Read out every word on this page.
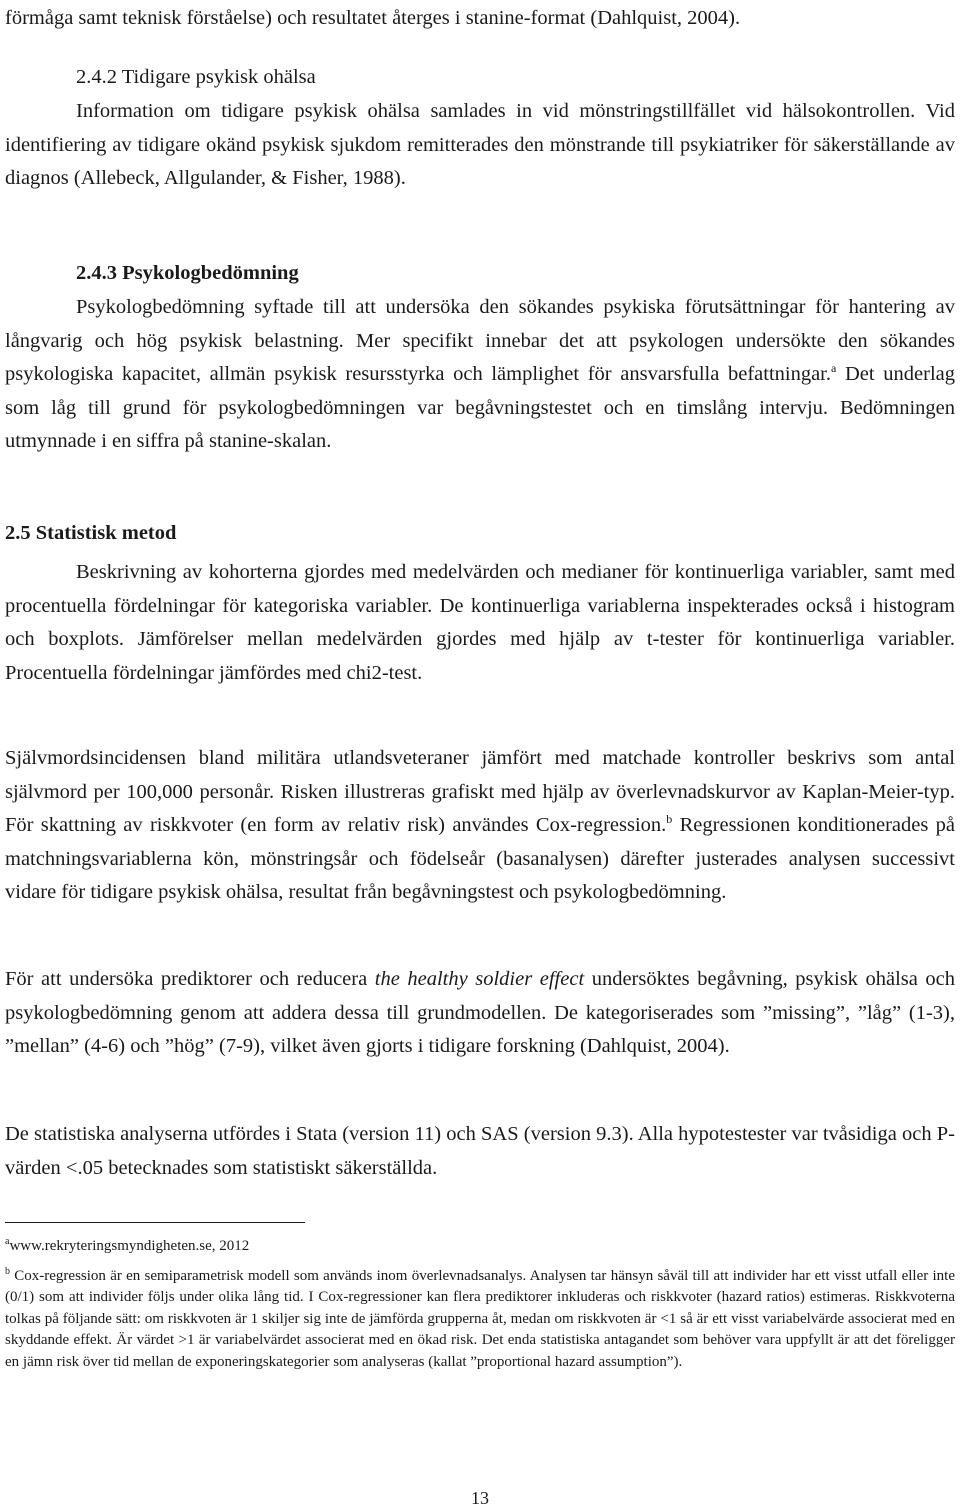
förmåga samt teknisk förståelse) och resultatet återges i stanine-format (Dahlquist, 2004).

2.4.2 Tidigare psykisk ohälsa

Information om tidigare psykisk ohälsa samlades in vid mönstringstillfället vid hälsokontrollen. Vid identifiering av tidigare okänd psykisk sjukdom remitterades den mönstrande till psykiatriker för säkerställande av diagnos (Allebeck, Allgulander, & Fisher, 1988).

2.4.3 Psykologbedömning

Psykologbedömning syftade till att undersöka den sökandes psykiska förutsättningar för hantering av långvarig och hög psykisk belastning. Mer specifikt innebar det att psykologen undersökte den sökandes psykologiska kapacitet, allmän psykisk resursstyrka och lämplighet för ansvarsfulla befattningar.$^a$ Det underlag som låg till grund för psykologbedömningen var begåvningstestet och en timslång intervju. Bedömningen utmynnade i en siffra på stanine-skalan.

2.5 Statistisk metod

Beskrivning av kohorterna gjordes med medelvärden och medianer för kontinuerliga variabler, samt med procentuella fördelningar för kategoriska variabler. De kontinuerliga variablerna inspekterades också i histogram och boxplots. Jämförelser mellan medelvärden gjordes med hjälp av t-tester för kontinuerliga variabler. Procentuella fördelningar jämfördes med chi2-test.

Självmordsincidensen bland militära utlandsveteraner jämfört med matchade kontroller beskrivs som antal självmord per 100,000 personår. Risken illustreras grafiskt med hjälp av överlevnadskurvor av Kaplan-Meier-typ. För skattning av riskkvoter (en form av relativ risk) användes Cox-regression.$^b$ Regressionen konditionerades på matchningsvariablerna kön, mönstringsår och födelseår (basanalysen) därefter justerades analysen successivt vidare för tidigare psykisk ohälsa, resultat från begåvningstest och psykologbedömning.

För att undersöka prediktorer och reducera the healthy soldier effect undersöktes begåvning, psykisk ohälsa och psykologbedömning genom att addera dessa till grundmodellen. De kategoriserades som ”missing”, ”låg” (1-3), ”mellan” (4-6) och ”hög” (7-9), vilket även gjorts i tidigare forskning (Dahlquist, 2004).

De statistiska analyserna utfördes i Stata (version 11) och SAS (version 9.3). Alla hypotestester var tvåsidiga och P-värden <.05 betecknades som statistiskt säkerställda.

$^a$www.rekryteringsmyndigheten.se, 2012

$^b$ Cox-regression är en semiparametrisk modell som används inom överlevnadsanalys. Analysen tar hänsyn såväl till att individer har ett visst utfall eller inte (0/1) som att individer följs under olika lång tid. I Cox-regressioner kan flera prediktorer inkluderas och riskkvoter (hazard ratios) estimeras. Riskkvoterna tolkas på följande sätt: om riskkvoten är 1 skiljer sig inte de jämförda grupperna åt, medan om riskkvoten är <1 så är ett visst variabelvärde associerat med en skyddande effekt. Är värdet >1 är variabelvärdet associerat med en ökad risk. Det enda statistiska antagandet som behöver vara uppfyllt är att det föreligger en jämn risk över tid mellan de exponeringskategorier som analyseras (kallat ”proportional hazard assumption”).

13
